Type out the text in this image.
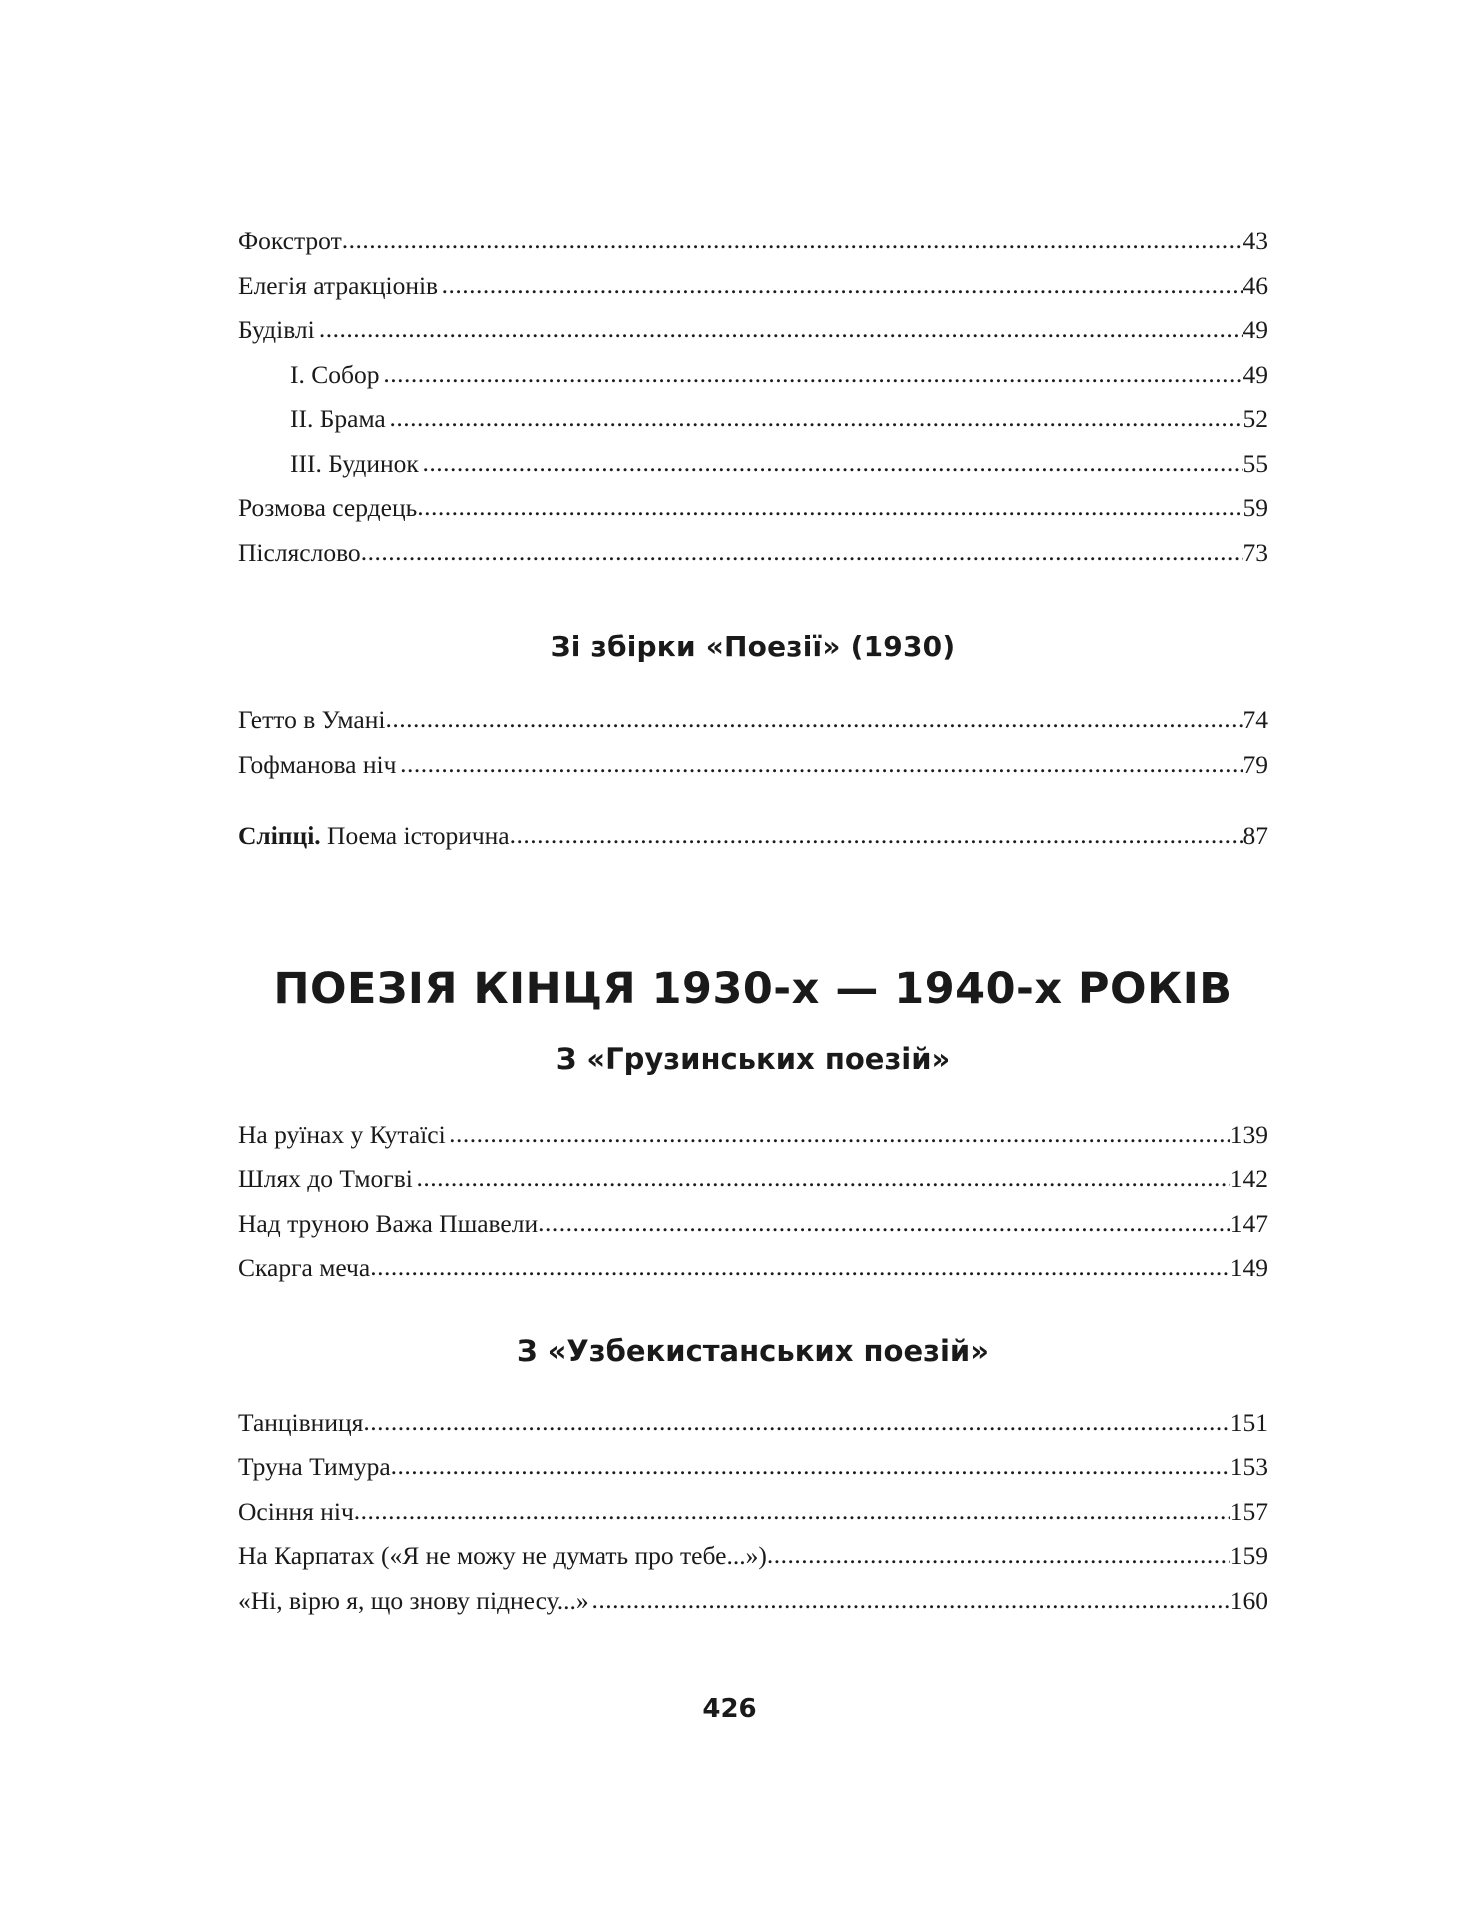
Фокстрот .....	43
Елегія атракціонів .....	46
Будівлі .....	49
I. Собор .....	49
II. Брама .....	52
III. Будинок .....	55
Розмова сердець .....	59
Післяслово .....	73
Зі збірки «Поезії» (1930)
Гетто в Умані .....	74
Гофманова ніч .....	79
Сліпці. Поема історична .....	87
ПОЕЗІЯ КІНЦЯ 1930-х — 1940-х РОКІВ
З «Грузинських поезій»
На руїнах у Кутаїсі .....	139
Шлях до Тмогві .....	142
Над труною Важа Пшавели .....	147
Скарга меча .....	149
З «Узбекистанських поезій»
Танцівниця .....	151
Труна Тимура .....	153
Осіння ніч .....	157
На Карпатах («Я не можу не думать про тебе...») .....	159
«Ні, вірю я, що знову піднесу...» .....	160
426
